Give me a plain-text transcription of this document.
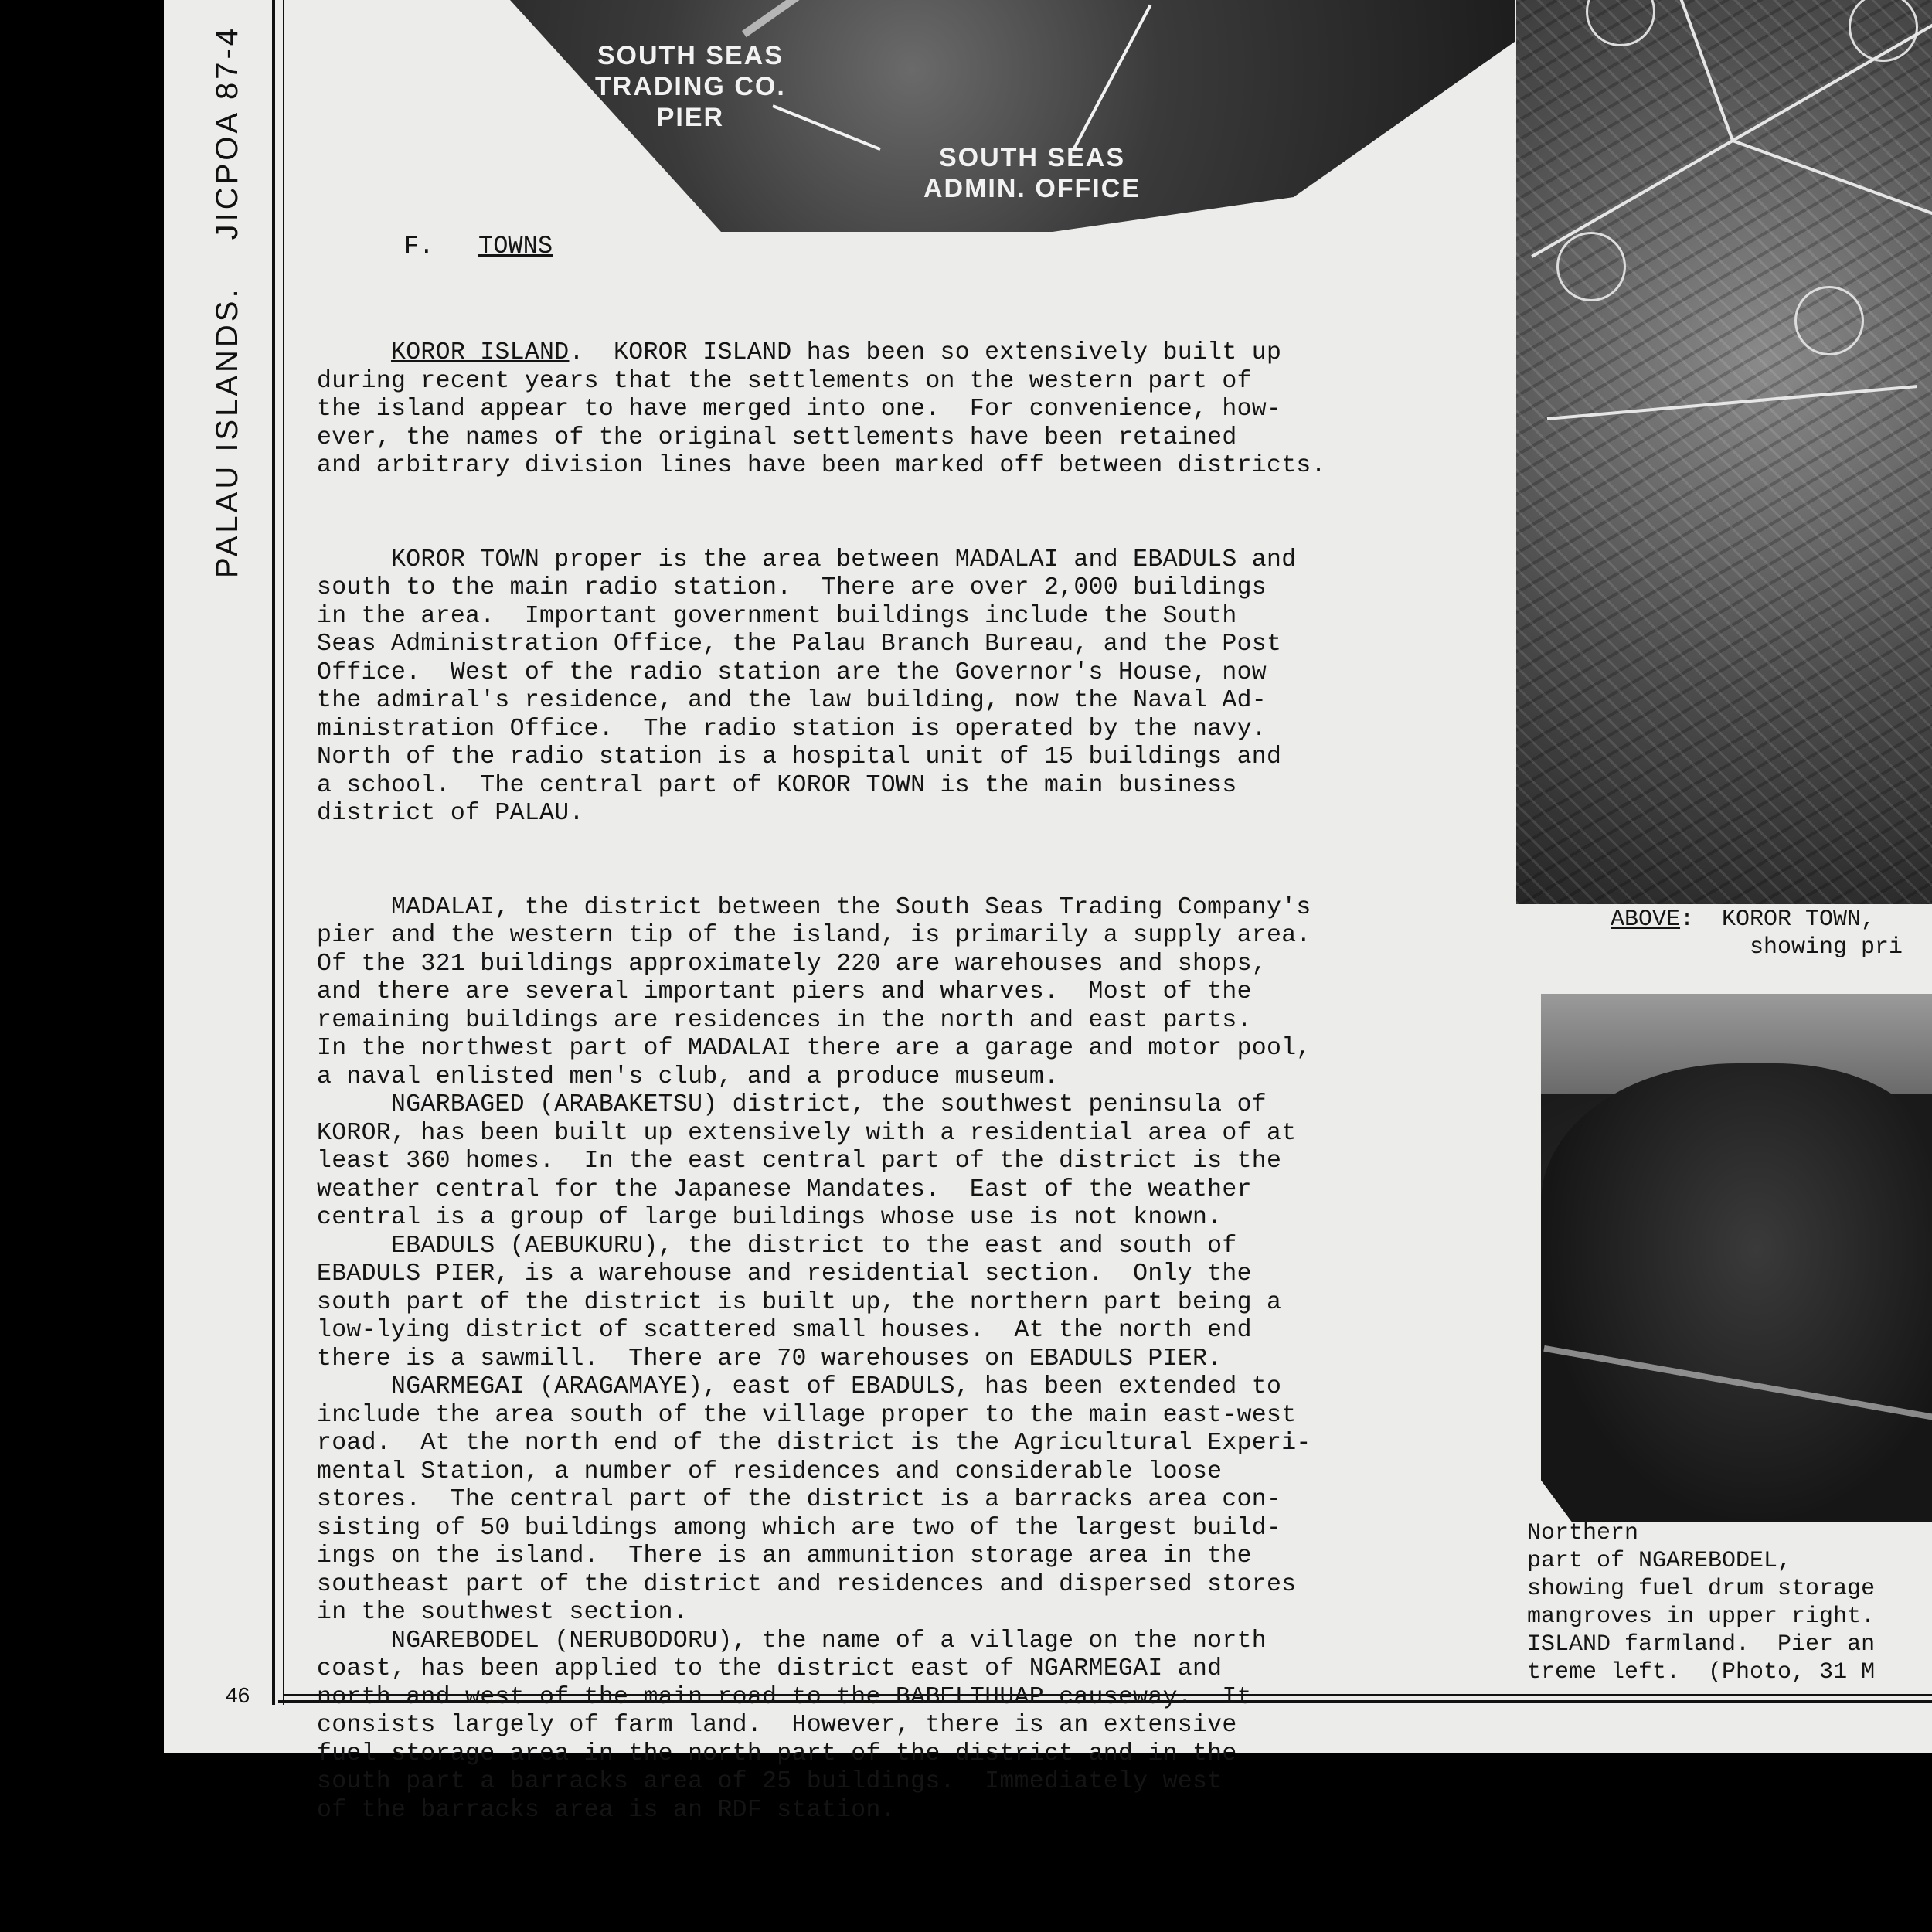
PALAU ISLANDS.JICPOA 87-4
46
SOUTH SEAS
TRADING CO.
PIER
SOUTH SEAS
ADMIN. OFFICE
F. TOWNS

KOROR ISLAND.  KOROR ISLAND has been so extensively built up
during recent years that the settlements on the western part of
the island appear to have merged into one.  For convenience, how-
ever, the names of the original settlements have been retained
and arbitrary division lines have been marked off between districts.

KOROR TOWN proper is the area between MADALAI and EBADULS and
south to the main radio station.  There are over 2,000 buildings
in the area.  Important government buildings include the South
Seas Administration Office, the Palau Branch Bureau, and the Post
Office.  West of the radio station are the Governor's House, now
the admiral's residence, and the law building, now the Naval Ad-
ministration Office.  The radio station is operated by the navy.
North of the radio station is a hospital unit of 15 buildings and
a school.  The central part of KOROR TOWN is the main business
district of PALAU.

MADALAI, the district between the South Seas Trading Company's
pier and the western tip of the island, is primarily a supply area.
Of the 321 buildings approximately 220 are warehouses and shops,
and there are several important piers and wharves.  Most of the
remaining buildings are residences in the north and east parts.
In the northwest part of MADALAI there are a garage and motor pool,
a naval enlisted men's club, and a produce museum.
NGARBAGED (ARABAKETSU) district, the southwest peninsula of
KOROR, has been built up extensively with a residential area of at
least 360 homes.  In the east central part of the district is the
weather central for the Japanese Mandates.  East of the weather
central is a group of large buildings whose use is not known.
EBADULS (AEBUKURU), the district to the east and south of
EBADULS PIER, is a warehouse and residential section.  Only the
south part of the district is built up, the northern part being a
low-lying district of scattered small houses.  At the north end
there is a sawmill.  There are 70 warehouses on EBADULS PIER.
NGARMEGAI (ARAGAMAYE), east of EBADULS, has been extended to
include the area south of the village proper to the main east-west
road.  At the north end of the district is the Agricultural Experi-
mental Station, a number of residences and considerable loose
stores.  The central part of the district is a barracks area con-
sisting of 50 buildings among which are two of the largest build-
ings on the island.  There is an ammunition storage area in the
southeast part of the district and residences and dispersed stores
in the southwest section.
NGAREBODEL (NERUBODORU), the name of a village on the north
coast, has been applied to the district east of NGARMEGAI and
north and west of the main road to the BABELTHUAP causeway.  It
consists largely of farm land.  However, there is an extensive
fuel storage area in the north part of the district and in the
south part a barracks area of 25 buildings.  Immediately west
of the barracks area is an RDF station.

ABOVE:  KOROR TOWN,
showing pri
Northern
part of NGAREBODEL,
showing fuel drum storage
mangroves in upper right.
ISLAND farmland.  Pier an
treme left.  (Photo, 31 M
